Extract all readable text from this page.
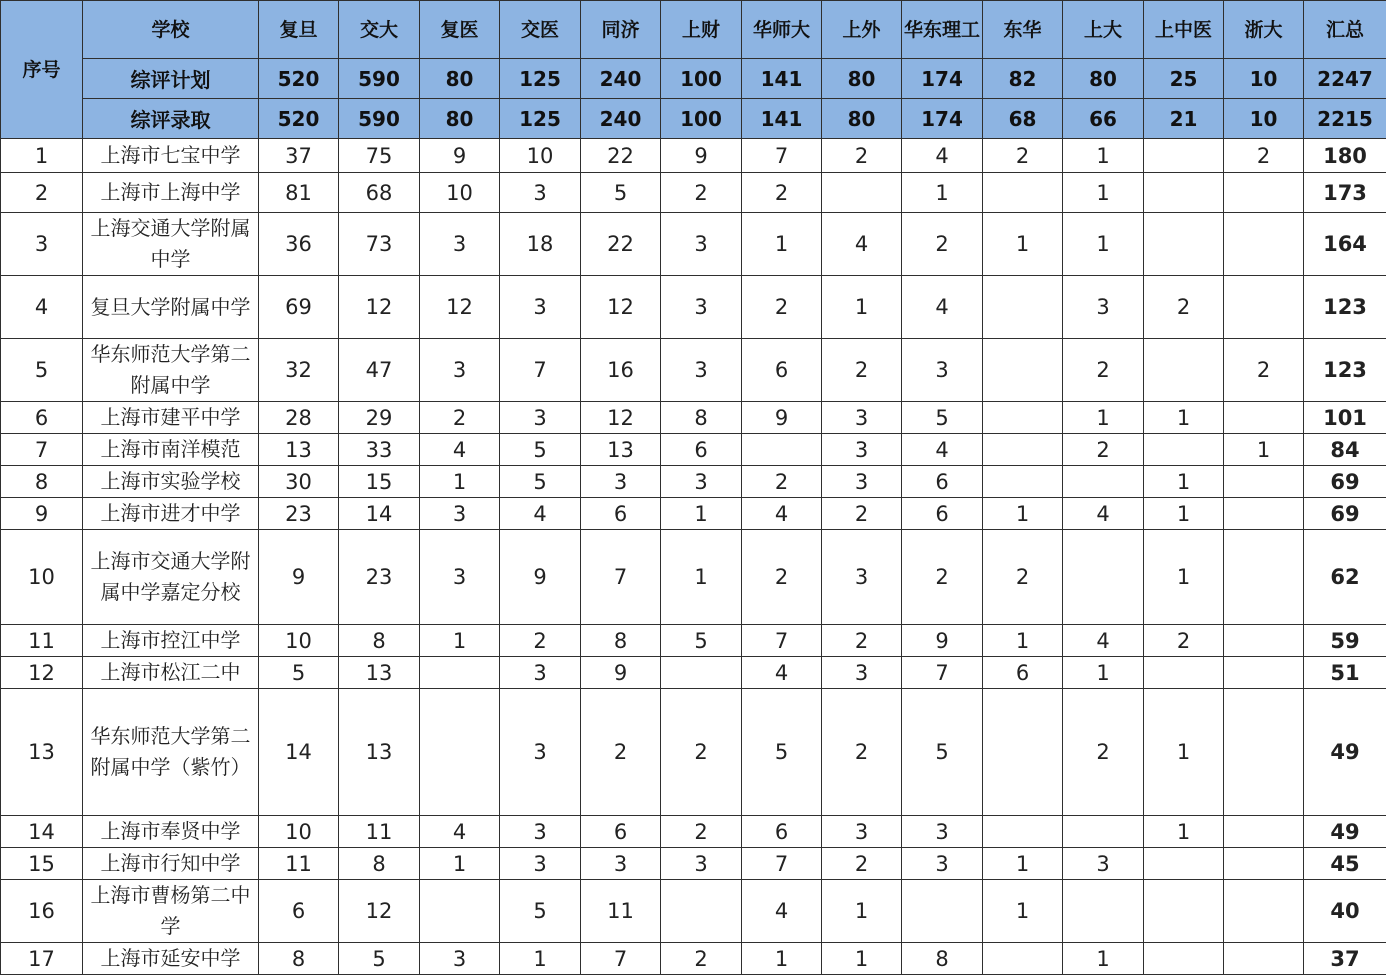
序号	学校	复旦	交大	复医	交医	同济	上财	华师大	上外	华东理工	东华	上大	上中医	浙大	汇总
	综评计划	520	590	80	125	240	100	141	80	174	82	80	25	10	2247
	综评录取	520	590	80	125	240	100	141	80	174	68	66	21	10	2215
1	上海市七宝中学	37	75	9	10	22	9	7	2	4	2	1		2	180
2	上海市上海中学	81	68	10	3	5	2	2		1		1			173
3	上海交通大学附属中学	36	73	3	18	22	3	1	4	2	1	1			164
4	复旦大学附属中学	69	12	12	3	12	3	2	1	4		3	2		123
5	华东师范大学第二附属中学	32	47	3	7	16	3	6	2	3		2		2	123
6	上海市建平中学	28	29	2	3	12	8	9	3	5		1	1		101
7	上海市南洋模范	13	33	4	5	13	6		3	4		2		1	84
8	上海市实验学校	30	15	1	5	3	3	2	3	6			1		69
9	上海市进才中学	23	14	3	4	6	1	4	2	6	1	4	1		69
10	上海市交通大学附属中学嘉定分校	9	23	3	9	7	1	2	3	2	2		1		62
11	上海市控江中学	10	8	1	2	8	5	7	2	9	1	4	2		59
12	上海市松江二中	5	13		3	9		4	3	7	6	1			51
13	华东师范大学第二附属中学（紫竹）	14	13		3	2	2	5	2	5		2	1		49
14	上海市奉贤中学	10	11	4	3	6	2	6	3	3			1		49
15	上海市行知中学	11	8	1	3	3	3	7	2	3	1	3			45
16	上海市曹杨第二中学	6	12		5	11		4	1		1				40
17	上海市延安中学	8	5	3	1	7	2	1	1	8		1			37
